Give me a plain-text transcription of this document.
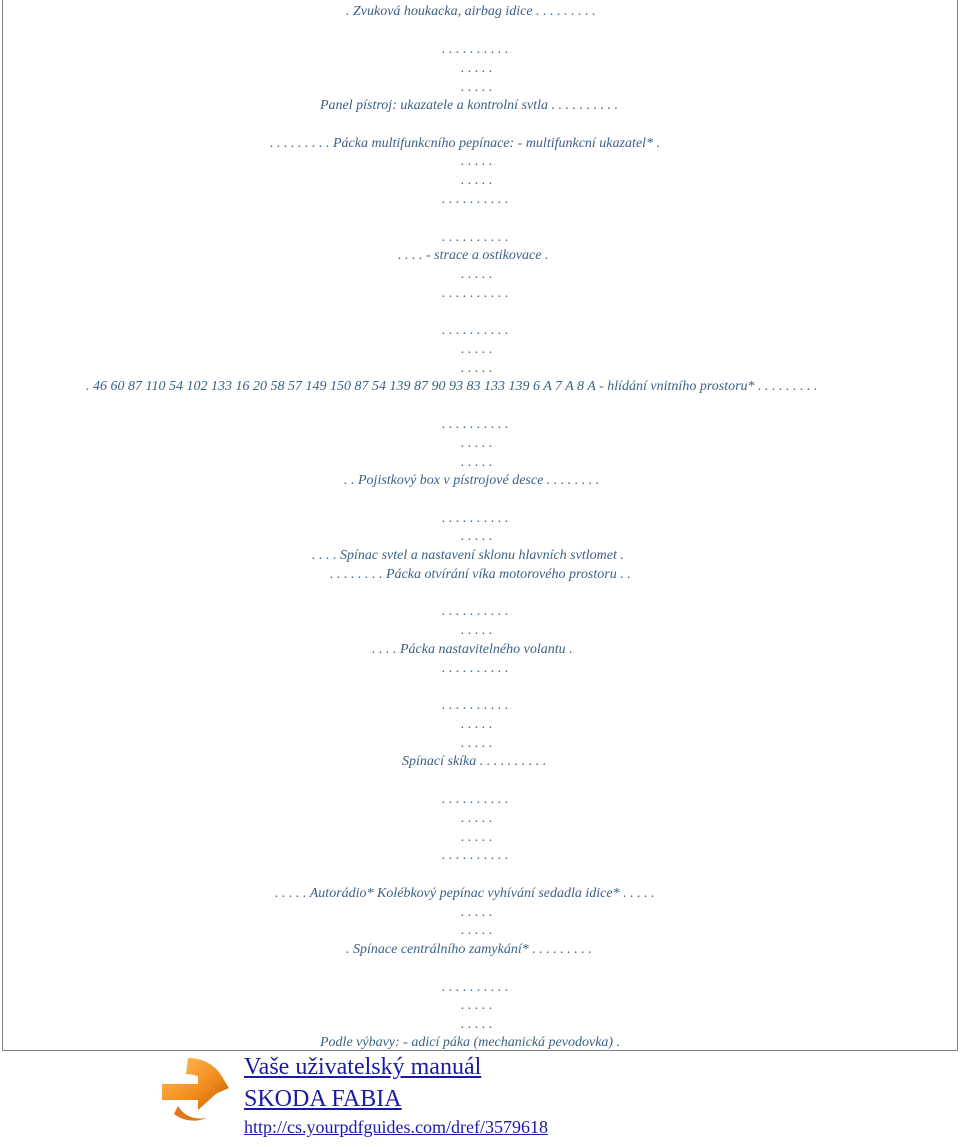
. Zvuková houkacka, airbag idice . . . . . . . . .
. . . . . . . . . .
. . . . .
. . . . .
Panel pístroj: ukazatele a kontrolní svtla . . . . . . . . . .
. . . . . . . . . Pácka multifunkcního pepínace: - multifunkcní ukazatel* .
. . . . .
. . . . .
. . . . . . . . . .
. . . . . . . . . .
. . . . - strace a ostikovace .
. . . . .
. . . . . . . . . .
. . . . . . . . . .
. . . . .
. . . . .
. 46 60 87 110 54 102 133 16 20 58 57 149 150 87 54 139 87 90 93 83 133 139 6 A 7 A 8 A - hlídání vnitního prostoru* . . . . . . . . .
. . . . . . . . . .
. . . . .
. . . . .
. . Pojistkový box v pístrojové desce . . . . . . . .
. . . . . . . . . .
. . . . .
. . . . Spínac svtel a nastavení sklonu hlavních svtlomet .
. . . . . . . . Pácka otvírání víka motorového prostoru . .
. . . . . . . . . .
. . . . .
. . . . Pácka nastavitelného volantu .
. . . . . . . . . .
. . . . . . . . . .
. . . . .
. . . . .
Spínací skíka . . . . . . . . . .
. . . . . . . . . .
. . . . .
. . . . .
. . . . . . . . . .
. . . . . Autorádio* Kolébkový pepínac vyhívání sedadla idice* . . . . .
. . . . .
. . . . .
. Spínace centrálního zamykání* . . . . . . . . .
. . . . . . . . . .
. . . . .
. . . . .
Podle výbavy: - adicí páka (mechanická pevodovka) .
Vaše uživatelský manuál
SKODA FABIA
http://cs.yourpdfguides.com/dref/3579618
